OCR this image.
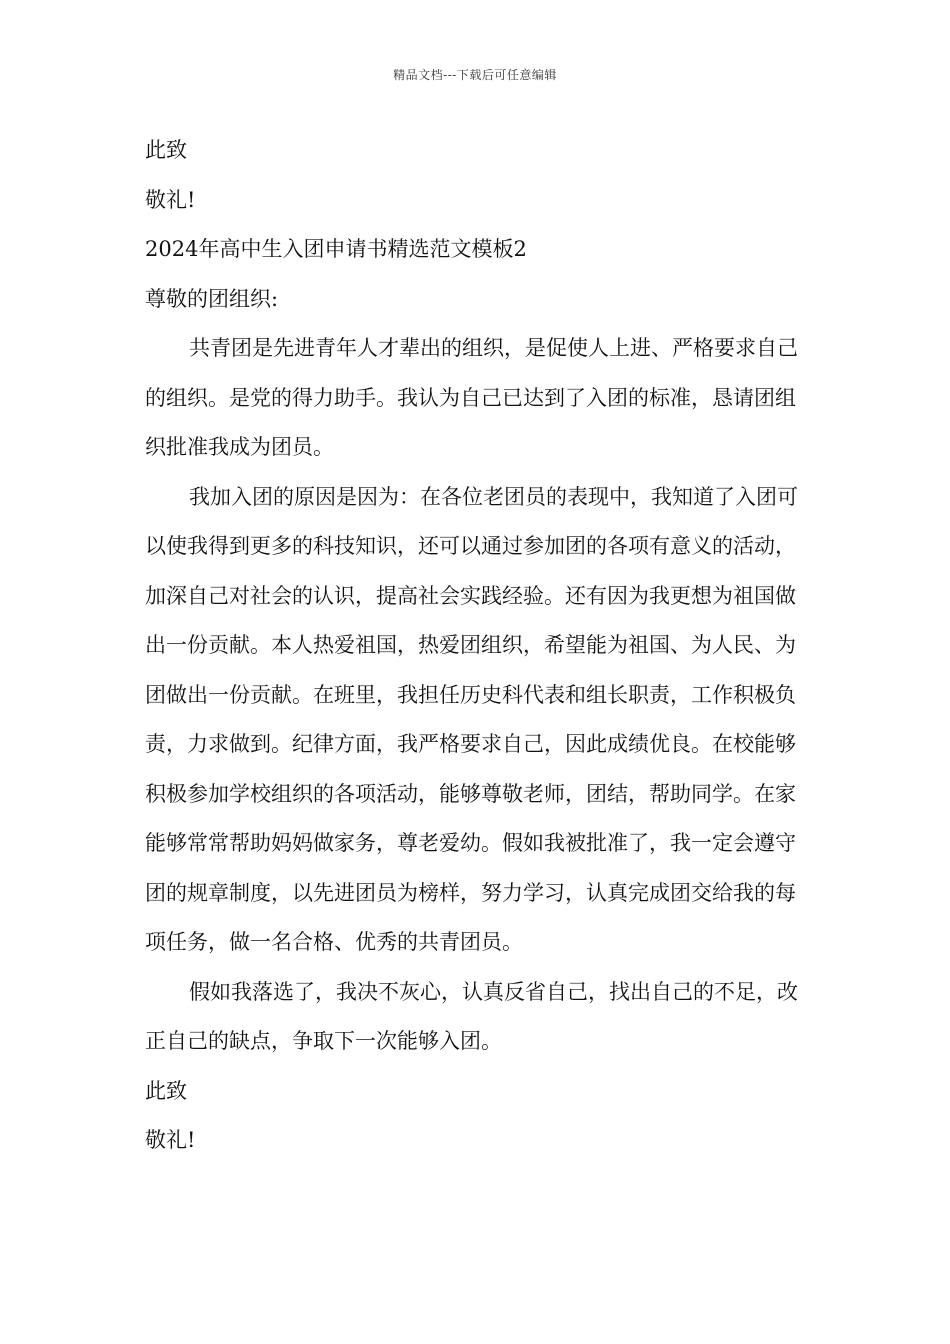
精品文档---下载后可任意编辑

此致

敬礼!

2024年高中生入团申请书精选范文模板2

尊敬的团组织:

共青团是先进青年人才辈出的组织，是促使人上进、严格要求自己的组织。是党的得力助手。我认为自己已达到了入团的标准，恳请团组织批准我成为团员。

我加入团的原因是因为：在各位老团员的表现中，我知道了入团可以使我得到更多的科技知识，还可以通过参加团的各项有意义的活动，加深自己对社会的认识，提高社会实践经验。还有因为我更想为祖国做出一份贡献。本人热爱祖国，热爱团组织，希望能为祖国、为人民、为团做出一份贡献。在班里，我担任历史科代表和组长职责，工作积极负责，力求做到。纪律方面，我严格要求自己，因此成绩优良。在校能够积极参加学校组织的各项活动，能够尊敬老师，团结，帮助同学。在家能够常常帮助妈妈做家务，尊老爱幼。假如我被批准了，我一定会遵守团的规章制度，以先进团员为榜样，努力学习，认真完成团交给我的每项任务，做一名合格、优秀的共青团员。

假如我落选了，我决不灰心，认真反省自己，找出自己的不足，改正自己的缺点，争取下一次能够入团。

此致

敬礼!
